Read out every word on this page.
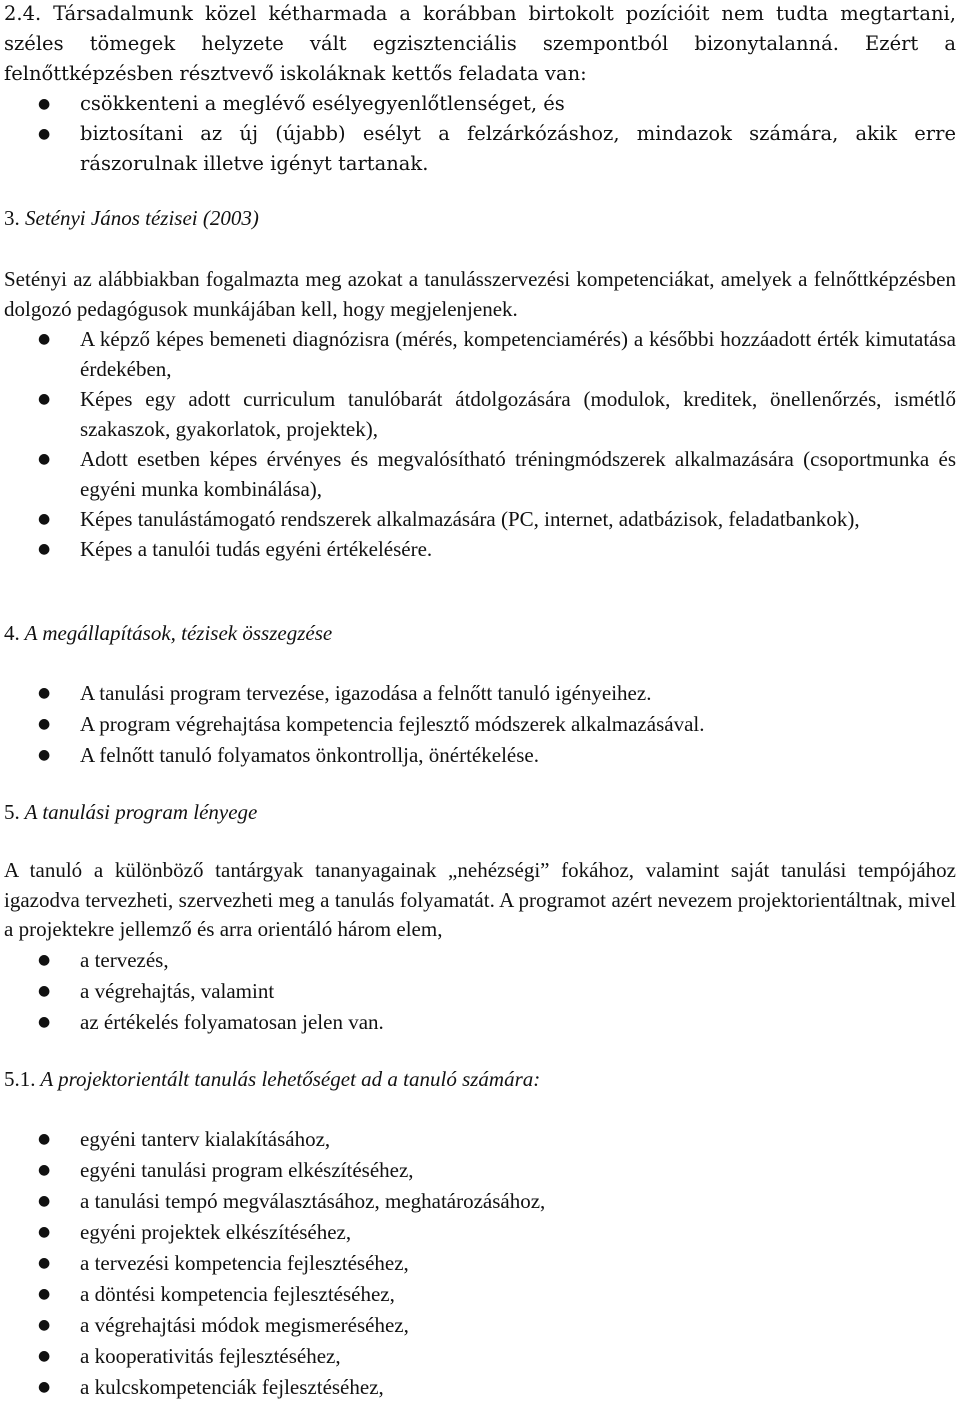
2.4. Társadalmunk közel kétharmada a korábban birtokolt pozícióit nem tudta megtartani, széles tömegek helyzete vált egzisztenciális szempontból bizonytalanná. Ezért a felnőttképzésben résztvevő iskoláknak kettős feladata van:

● csökkenteni a meglévő esélyegyenlőtlenséget, és
● biztosítani az új (újabb) esélyt a felzárkózáshoz, mindazok számára, akik erre rászorulnak illetve igényt tartanak.

3. Setényi János tézisei (2003)

Setényi az alábbiakban fogalmazta meg azokat a tanulásszervezési kompetenciákat, amelyek a felnőttképzésben dolgozó pedagógusok munkájában kell, hogy megjelenjenek.

● A képző képes bemeneti diagnózisra (mérés, kompetenciamérés) a későbbi hozzáadott érték kimutatása érdekében,
● Képes egy adott curriculum tanulóbarát átdolgozására (modulok, kreditek, önellenőrzés, ismétlő szakaszok, gyakorlatok, projektek),
● Adott esetben képes érvényes és megvalósítható tréningmódszerek alkalmazására (csoportmunka és egyéni munka kombinálása),
● Képes tanulástámogató rendszerek alkalmazására (PC, internet, adatbázisok, feladatbankok),
● Képes a tanulói tudás egyéni értékelésére.

4. A megállapítások, tézisek összegzése

● A tanulási program tervezése, igazodása a felnőtt tanuló igényeihez.
● A program végrehajtása kompetencia fejlesztő módszerek alkalmazásával.
● A felnőtt tanuló folyamatos önkontrollja, önértékelése.

5. A tanulási program lényege

A tanuló a különböző tantárgyak tananyagainak „nehézségi” fokához, valamint saját tanulási tempójához igazodva tervezheti, szervezheti meg a tanulás folyamatát. A programot azért nevezem projektorientáltnak, mivel a projektekre jellemző és arra orientáló három elem,

● a tervezés,
● a végrehajtás, valamint
● az értékelés folyamatosan jelen van.

5.1. A projektorientált tanulás lehetőséget ad a tanuló számára:

● egyéni tanterv kialakításához,
● egyéni tanulási program elkészítéséhez,
● a tanulási tempó megválasztásához, meghatározásához,
● egyéni projektek elkészítéséhez,
● a tervezési kompetencia fejlesztéséhez,
● a döntési kompetencia fejlesztéséhez,
● a végrehajtási módok megismeréséhez,
● a kooperativitás fejlesztéséhez,
● a kulcskompetenciák fejlesztéséhez,
